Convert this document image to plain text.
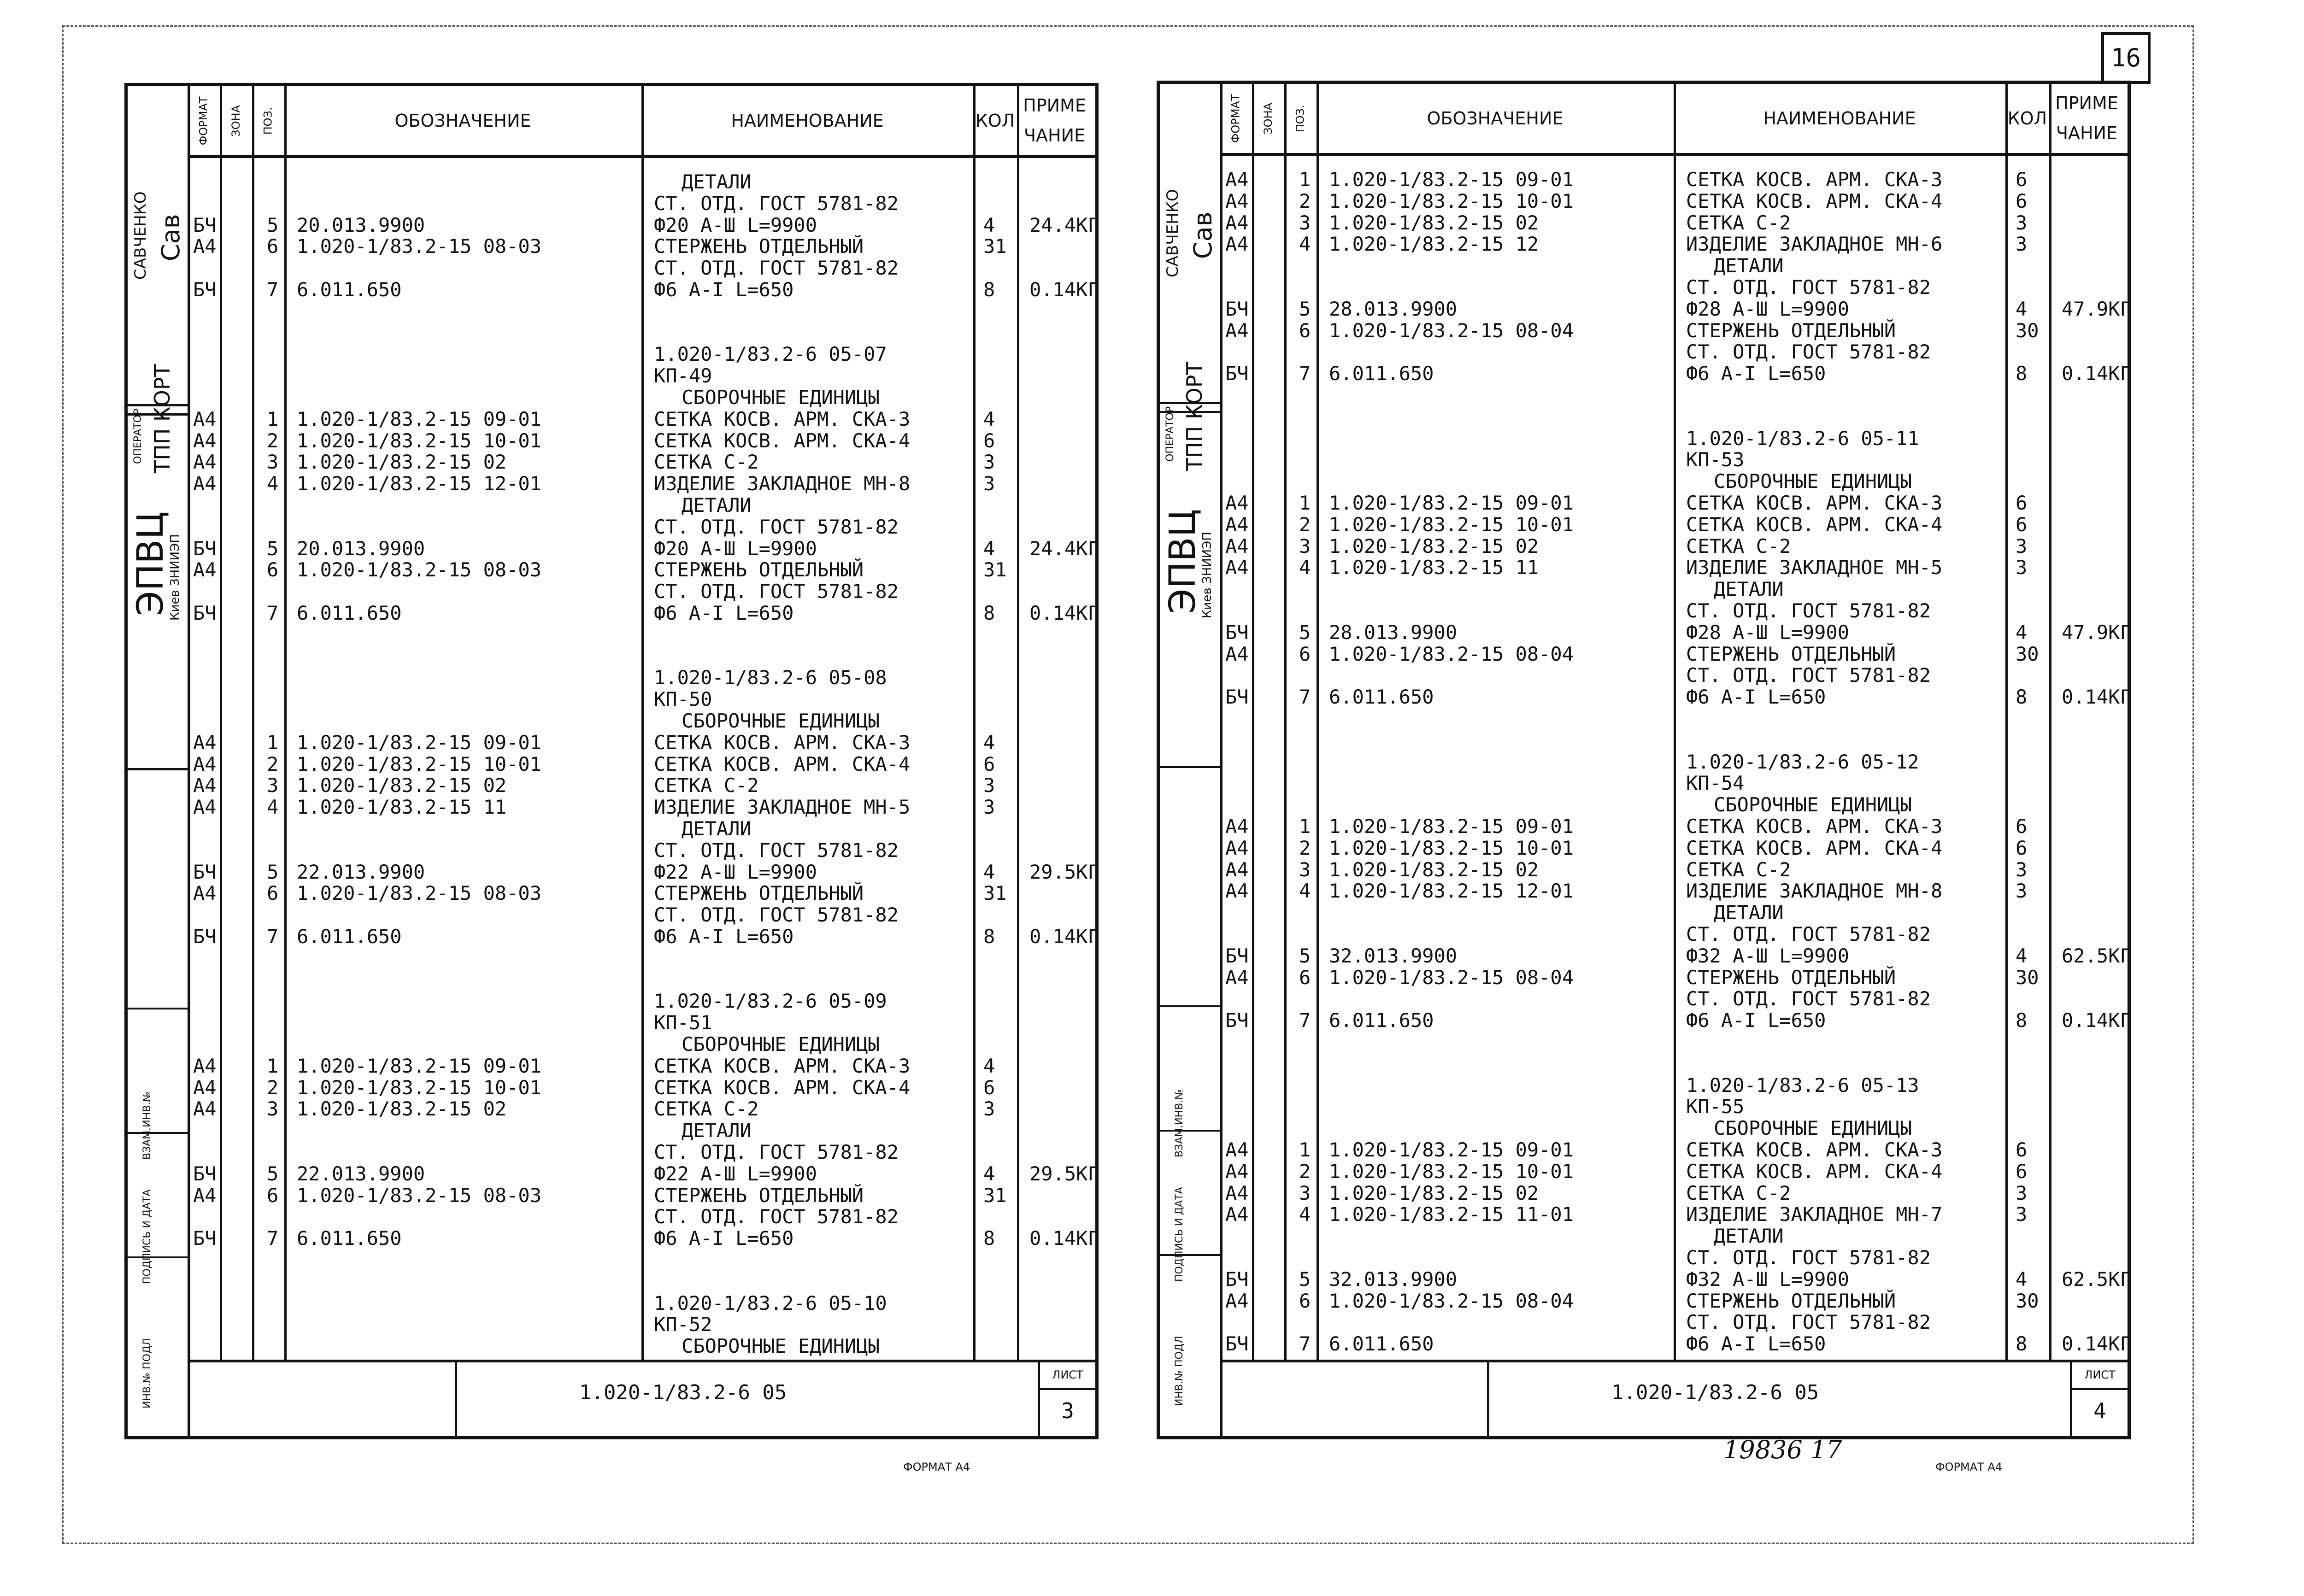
16
САВЧЕНКО Сав
ОПЕРАТОР ТПП КОРТ
ЭПВЦ
Киев ЗНИИЭП
ИНВ.№ ПОДЛ
ПОДПИСЬ И ДАТА
ВЗАМ.ИНВ.№
ФОРМАТ ЗОНА ПОЗ.	ОБОЗНАЧЕНИЕ	НАИМЕНОВАНИЕ	КОЛ
ПРИМЕ
ЧАНИЕ
ДЕТАЛИ
СТ. ОТД. ГОСТ 5781-82
БЧ	5 20.013.9900	Ф20 А-Ш L=9900	4 24.4КГ
А4	6 1.020-1/83.2-15 08-03	СТЕРЖЕНЬ ОТДЕЛЬНЫЙ	31
СТ. ОТД. ГОСТ 5781-82
БЧ	7 6.011.650	Ф6 А-I L=650	8 0.14КГ
1.020-1/83.2-6 05-07
КП-49
СБОРОЧНЫЕ ЕДИНИЦЫ
А4	1 1.020-1/83.2-15 09-01	СЕТКА КОСВ. АРМ. СКА-3	4
А4	2 1.020-1/83.2-15 10-01	СЕТКА КОСВ. АРМ. СКА-4	6
А4	3 1.020-1/83.2-15 02	СЕТКА С-2	3
А4	4 1.020-1/83.2-15 12-01	ИЗДЕЛИЕ ЗАКЛАДНОЕ МН-8	3
ДЕТАЛИ
СТ. ОТД. ГОСТ 5781-82
БЧ	5 20.013.9900	Ф20 А-Ш L=9900	4 24.4КГ
А4	6 1.020-1/83.2-15 08-03	СТЕРЖЕНЬ ОТДЕЛЬНЫЙ	31
СТ. ОТД. ГОСТ 5781-82
БЧ	7 6.011.650	Ф6 А-I L=650	8 0.14КГ
1.020-1/83.2-6 05-08
КП-50
СБОРОЧНЫЕ ЕДИНИЦЫ
А4	1 1.020-1/83.2-15 09-01	СЕТКА КОСВ. АРМ. СКА-3	4
А4	2 1.020-1/83.2-15 10-01	СЕТКА КОСВ. АРМ. СКА-4	6
А4	3 1.020-1/83.2-15 02	СЕТКА С-2	3
А4	4 1.020-1/83.2-15 11	ИЗДЕЛИЕ ЗАКЛАДНОЕ МН-5	3
ДЕТАЛИ
СТ. ОТД. ГОСТ 5781-82
БЧ	5 22.013.9900	Ф22 А-Ш L=9900	4 29.5КГ
А4	6 1.020-1/83.2-15 08-03	СТЕРЖЕНЬ ОТДЕЛЬНЫЙ	31
СТ. ОТД. ГОСТ 5781-82
БЧ	7 6.011.650	Ф6 А-I L=650	8 0.14КГ
1.020-1/83.2-6 05-09
КП-51
СБОРОЧНЫЕ ЕДИНИЦЫ
А4	1 1.020-1/83.2-15 09-01	СЕТКА КОСВ. АРМ. СКА-3	4
А4	2 1.020-1/83.2-15 10-01	СЕТКА КОСВ. АРМ. СКА-4	6
А4	3 1.020-1/83.2-15 02	СЕТКА С-2	3
ДЕТАЛИ
СТ. ОТД. ГОСТ 5781-82
БЧ	5 22.013.9900	Ф22 А-Ш L=9900	4 29.5КГ
А4	6 1.020-1/83.2-15 08-03	СТЕРЖЕНЬ ОТДЕЛЬНЫЙ	31
СТ. ОТД. ГОСТ 5781-82
БЧ	7 6.011.650	Ф6 А-I L=650	8 0.14КГ
1.020-1/83.2-6 05-10
КП-52
СБОРОЧНЫЕ ЕДИНИЦЫ
1.020-1/83.2-6 05
ЛИСТ
3
САВЧЕНКО Сав
ОПЕРАТОР ТПП КОРТ
ЭПВЦ
Киев ЗНИИЭП
ИНВ.№ ПОДЛ
ПОДПИСЬ И ДАТА
ВЗАМ.ИНВ.№
ФОРМАТ ЗОНА ПОЗ.	ОБОЗНАЧЕНИЕ	НАИМЕНОВАНИЕ	КОЛ
ПРИМЕ
ЧАНИЕ
А4	1 1.020-1/83.2-15 09-01	СЕТКА КОСВ. АРМ. СКА-3	6
А4	2 1.020-1/83.2-15 10-01	СЕТКА КОСВ. АРМ. СКА-4	6
А4	3 1.020-1/83.2-15 02	СЕТКА С-2	3
А4	4 1.020-1/83.2-15 12	ИЗДЕЛИЕ ЗАКЛАДНОЕ МН-6	3
ДЕТАЛИ
СТ. ОТД. ГОСТ 5781-82
БЧ	5 28.013.9900	Ф28 А-Ш L=9900	4 47.9КГ
А4	6 1.020-1/83.2-15 08-04	СТЕРЖЕНЬ ОТДЕЛЬНЫЙ	30
СТ. ОТД. ГОСТ 5781-82
БЧ	7 6.011.650	Ф6 А-I L=650	8 0.14КГ
1.020-1/83.2-6 05-11
КП-53
СБОРОЧНЫЕ ЕДИНИЦЫ
А4	1 1.020-1/83.2-15 09-01	СЕТКА КОСВ. АРМ. СКА-3	6
А4	2 1.020-1/83.2-15 10-01	СЕТКА КОСВ. АРМ. СКА-4	6
А4	3 1.020-1/83.2-15 02	СЕТКА С-2	3
А4	4 1.020-1/83.2-15 11	ИЗДЕЛИЕ ЗАКЛАДНОЕ МН-5	3
ДЕТАЛИ
СТ. ОТД. ГОСТ 5781-82
БЧ	5 28.013.9900	Ф28 А-Ш L=9900	4 47.9КГ
А4	6 1.020-1/83.2-15 08-04	СТЕРЖЕНЬ ОТДЕЛЬНЫЙ	30
СТ. ОТД. ГОСТ 5781-82
БЧ	7 6.011.650	Ф6 А-I L=650	8 0.14КГ
1.020-1/83.2-6 05-12
КП-54
СБОРОЧНЫЕ ЕДИНИЦЫ
А4	1 1.020-1/83.2-15 09-01	СЕТКА КОСВ. АРМ. СКА-3	6
А4	2 1.020-1/83.2-15 10-01	СЕТКА КОСВ. АРМ. СКА-4	6
А4	3 1.020-1/83.2-15 02	СЕТКА С-2	3
А4	4 1.020-1/83.2-15 12-01	ИЗДЕЛИЕ ЗАКЛАДНОЕ МН-8	3
ДЕТАЛИ
СТ. ОТД. ГОСТ 5781-82
БЧ	5 32.013.9900	Ф32 А-Ш L=9900	4 62.5КГ
А4	6 1.020-1/83.2-15 08-04	СТЕРЖЕНЬ ОТДЕЛЬНЫЙ	30
СТ. ОТД. ГОСТ 5781-82
БЧ	7 6.011.650	Ф6 А-I L=650	8 0.14КГ
1.020-1/83.2-6 05-13
КП-55
СБОРОЧНЫЕ ЕДИНИЦЫ
А4	1 1.020-1/83.2-15 09-01	СЕТКА КОСВ. АРМ. СКА-3	6
А4	2 1.020-1/83.2-15 10-01	СЕТКА КОСВ. АРМ. СКА-4	6
А4	3 1.020-1/83.2-15 02	СЕТКА С-2	3
А4	4 1.020-1/83.2-15 11-01	ИЗДЕЛИЕ ЗАКЛАДНОЕ МН-7	3
ДЕТАЛИ
СТ. ОТД. ГОСТ 5781-82
БЧ	5 32.013.9900	Ф32 А-Ш L=9900	4 62.5КГ
А4	6 1.020-1/83.2-15 08-04	СТЕРЖЕНЬ ОТДЕЛЬНЫЙ	30
СТ. ОТД. ГОСТ 5781-82
БЧ	7 6.011.650	Ф6 А-I L=650	8 0.14КГ
1.020-1/83.2-6 05
ЛИСТ
4
19836 17
ФОРМАТ А4	ФОРМАТ А4
